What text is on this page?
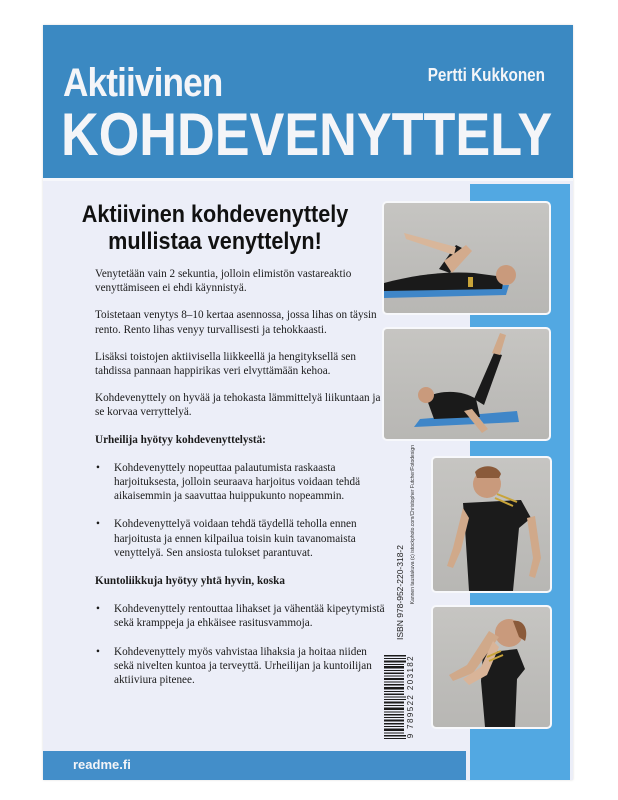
Aktiivinen	Pertti Kukkonen
KOHDEVENYTTELY
Aktiivinen kohdevenyttely
mullistaa venyttelyn!

Venytetään vain 2 sekuntia, jolloin elimistön vastareaktio venyttämiseen ei ehdi käynnistyä.

Toistetaan venytys 8–10 kertaa asennossa, jossa lihas on täysin rento. Rento lihas venyy turvallisesti ja tehokkaasti.

Lisäksi toistojen aktiivisella liikkeellä ja hengityksellä sen tahdissa pannaan happirikas veri elvyttämään kehoa.

Kohdevenyttely on hyvää ja tehokasta lämmittelyä liikuntaan ja se korvaa verryttelyä.

Urheilija hyötyy kohdevenyttelystä:

• Kohdevenyttely nopeuttaa palautumista raskaasta harjoituksesta, jolloin seuraava harjoitus voidaan tehdä aikaisemmin ja saavuttaa huippukunto nopeammin.
• Kohdevenyttelyä voidaan tehdä täydellä teholla ennen harjoitusta ja ennen kilpailua toisin kuin tavanomaista venyttelyä. Sen ansiosta tulokset parantuvat.

Kuntoliikkuja hyötyy yhtä hyvin, koska

• Kohdevenyttely rentouttaa lihakset ja vähentää kipeytymistä sekä kramppeja ja ehkäisee rasitusvammoja.
• Kohdevenyttely myös vahvistaa lihaksia ja hoitaa niiden sekä nivelten kuntoa ja terveyttä. Urheilijan ja kuntoilijan aktiiviura pitenee.
ISBN 978-952-220-318-2 Kannen taustakuva (c) istockphoto.com/Christopher Futcher/Fotodesign
9 789522 203182
readme.fi
